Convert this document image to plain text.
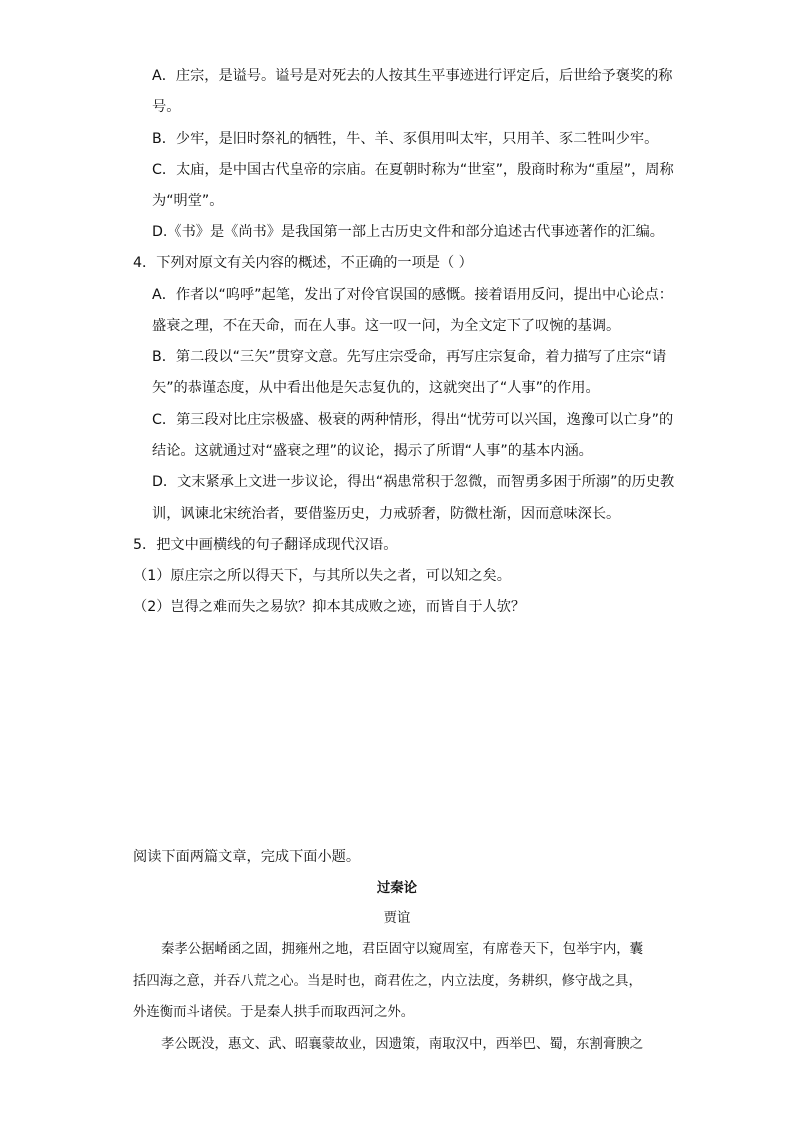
A．庄宗，是谥号。谥号是对死去的人按其生平事迹进行评定后，后世给予褒奖的称
号。
B．少牢，是旧时祭礼的牺牲，牛、羊、豕俱用叫太牢，只用羊、豕二牲叫少牢。
C．太庙，是中国古代皇帝的宗庙。在夏朝时称为“世室”，殷商时称为“重屋”，周称
为“明堂”。
D.《书》是《尚书》是我国第一部上古历史文件和部分追述古代事迹著作的汇编。
4．下列对原文有关内容的概述，不正确的一项是（ ）
A．作者以“呜呼”起笔，发出了对伶官误国的感慨。接着语用反问，提出中心论点：
盛衰之理，不在天命，而在人事。这一叹一问，为全文定下了叹惋的基调。
B．第二段以“三矢”贯穿文意。先写庄宗受命，再写庄宗复命，着力描写了庄宗“请
矢”的恭谨态度，从中看出他是矢志复仇的，这就突出了“人事”的作用。
C．第三段对比庄宗极盛、极衰的两种情形，得出“忧劳可以兴国，逸豫可以亡身”的
结论。这就通过对“盛衰之理”的议论，揭示了所谓“人事”的基本内涵。
D．文末紧承上文进一步议论，得出“祸患常积于忽微，而智勇多困于所溺”的历史教
训，讽谏北宋统治者，要借鉴历史，力戒骄奢，防微杜渐，因而意味深长。
5．把文中画横线的句子翻译成现代汉语。
（1）原庄宗之所以得天下，与其所以失之者，可以知之矣。
（2）岂得之难而失之易欤？抑本其成败之迹，而皆自于人欤？
阅读下面两篇文章，完成下面小题。
过秦论
贾谊
秦孝公据崤函之固，拥雍州之地，君臣固守以窥周室，有席卷天下，包举宇内，囊
括四海之意，并吞八荒之心。当是时也，商君佐之，内立法度，务耕织，修守战之具，
外连衡而斗诸侯。于是秦人拱手而取西河之外。
孝公既没，惠文、武、昭襄蒙故业，因遗策，南取汉中，西举巴、蜀，东割膏腴之
